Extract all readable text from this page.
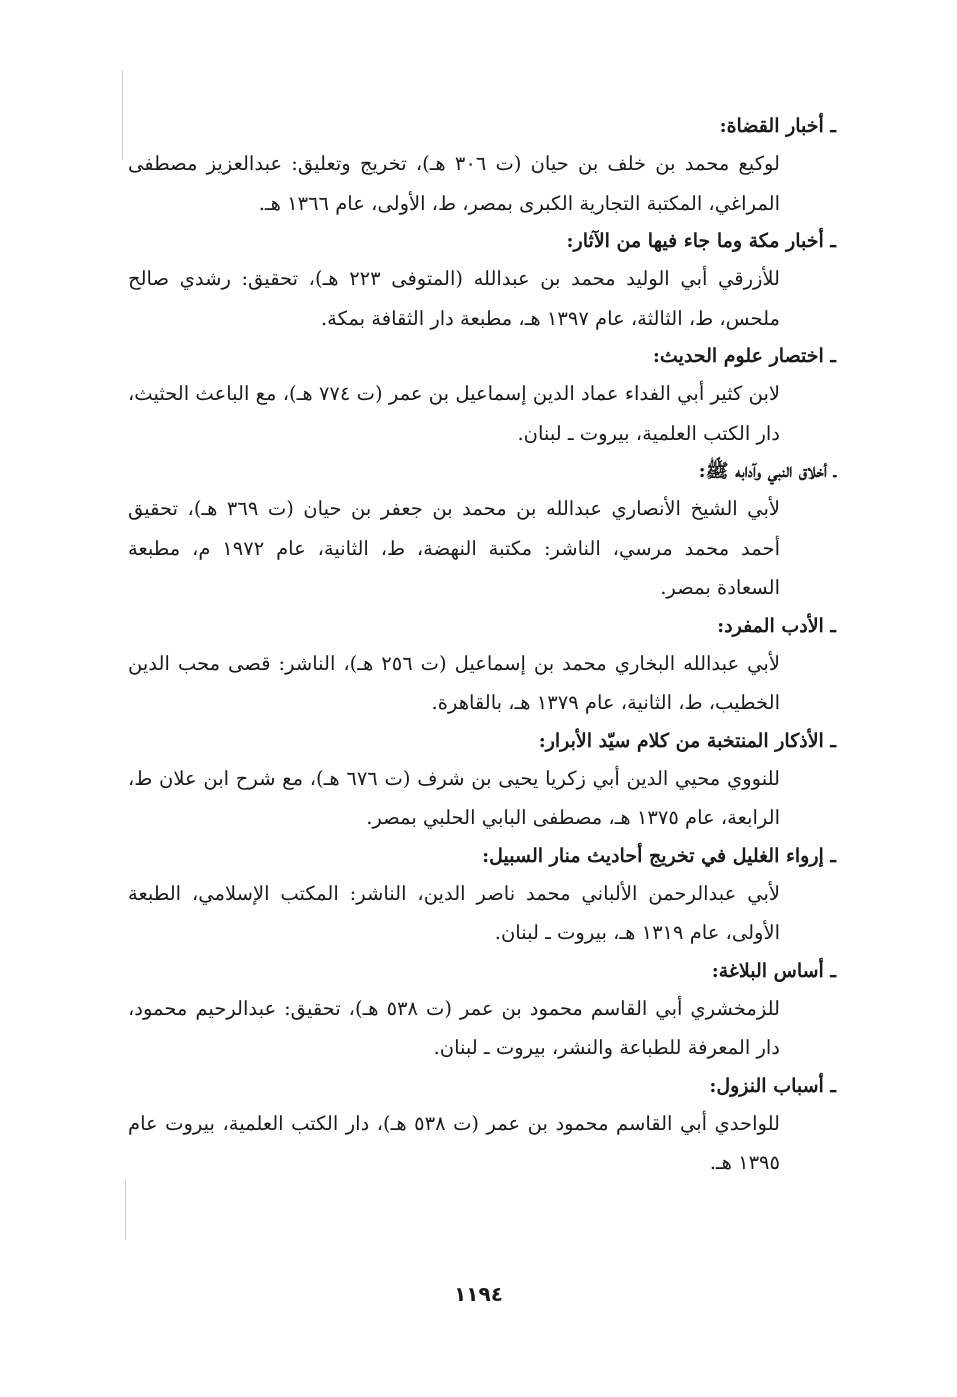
ـ أخبار القضاة:

لوكيع محمد بن خلف بن حيان (ت ٣٠٦ هـ)، تخريج وتعليق: عبدالعزيز مصطفى المراغي، المكتبة التجارية الكبرى بمصر، ط، الأولى، عام ١٣٦٦ هـ.

ـ أخبار مكة وما جاء فيها من الآثار:

للأزرقي أبي الوليد محمد بن عبدالله (المتوفى ٢٢٣ هـ)، تحقيق: رشدي صالح ملحس، ط، الثالثة، عام ١٣٩٧ هـ، مطبعة دار الثقافة بمكة.

ـ اختصار علوم الحديث:

لابن كثير أبي الفداء عماد الدين إسماعيل بن عمر (ت ٧٧٤ هـ)، مع الباعث الحثيث، دار الكتب العلمية، بيروت ـ لبنان.

ـ أخلاق النبي وآدابه ﷺ:

لأبي الشيخ الأنصاري عبدالله بن محمد بن جعفر بن حيان (ت ٣٦٩ هـ)، تحقيق أحمد محمد مرسي، الناشر: مكتبة النهضة، ط، الثانية، عام ١٩٧٢ م، مطبعة السعادة بمصر.

ـ الأدب المفرد:

لأبي عبدالله البخاري محمد بن إسماعيل (ت ٢٥٦ هـ)، الناشر: قصى محب الدين الخطيب، ط، الثانية، عام ١٣٧٩ هـ، بالقاهرة.

ـ الأذكار المنتخبة من كلام سيّد الأبرار:

للنووي محيي الدين أبي زكريا يحيى بن شرف (ت ٦٧٦ هـ)، مع شرح ابن علان ط، الرابعة، عام ١٣٧٥ هـ، مصطفى البابي الحلبي بمصر.

ـ إرواء الغليل في تخريج أحاديث منار السبيل:

لأبي عبدالرحمن الألباني محمد ناصر الدين، الناشر: المكتب الإسلامي، الطبعة الأولى، عام ١٣١٩ هـ، بيروت ـ لبنان.

ـ أساس البلاغة:

للزمخشري أبي القاسم محمود بن عمر (ت ٥٣٨ هـ)، تحقيق: عبدالرحيم محمود، دار المعرفة للطباعة والنشر، بيروت ـ لبنان.

ـ أسباب النزول:

للواحدي أبي القاسم محمود بن عمر (ت ٥٣٨ هـ)، دار الكتب العلمية، بيروت عام ١٣٩٥ هـ.

١١٩٤
